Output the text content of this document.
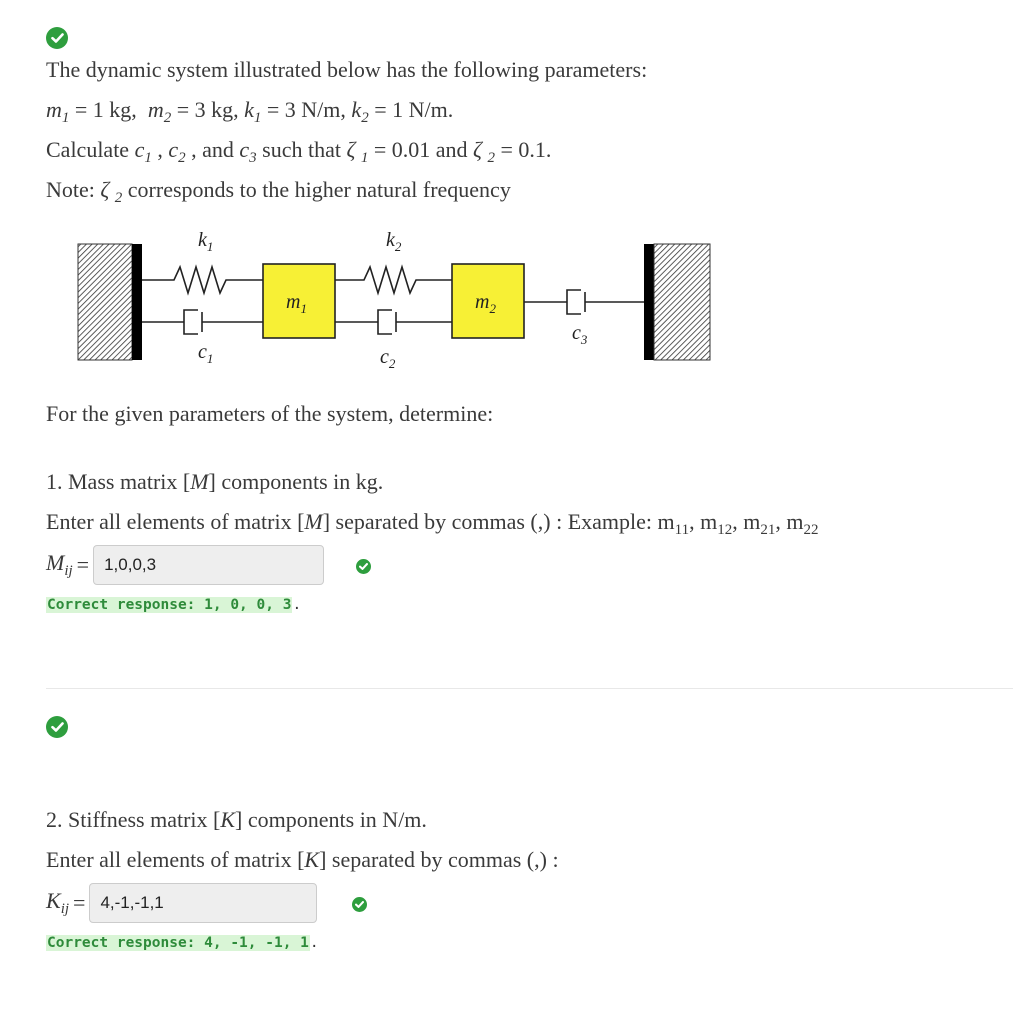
The dynamic system illustrated below has the following parameters:
$m_1 = 1$ kg, $m_2 = 3$ kg, $k_1 = 3$ N/m, $k_2 = 1$ N/m.
Calculate $c_1$ , $c_2$ , and $c_3$ such that ζ $_1$ = 0.01 and ζ $_2$ = 0.1.
Note: ζ $_2$ corresponds to the higher natural frequency
$k_1$	$k_2$
$m_1$	$m_2$
$c_1$	$c_2$
$c_3$
For the given parameters of the system, determine:
1. Mass matrix [M] components in kg.
Enter all elements of matrix [M] separated by commas (,) : Example: $m_{11}$, $m_{12}$, $m_{21}$, $m_{22}$
$M_{ij} = 1,0,0,3$
Correct response: 1, 0, 0, 3.
2. Stiffness matrix [K] components in N/m.
Enter all elements of matrix [K] separated by commas (,) :
$K_{ij} = 4,-1,-1,1$
Correct response: 4, -1, -1, 1.
